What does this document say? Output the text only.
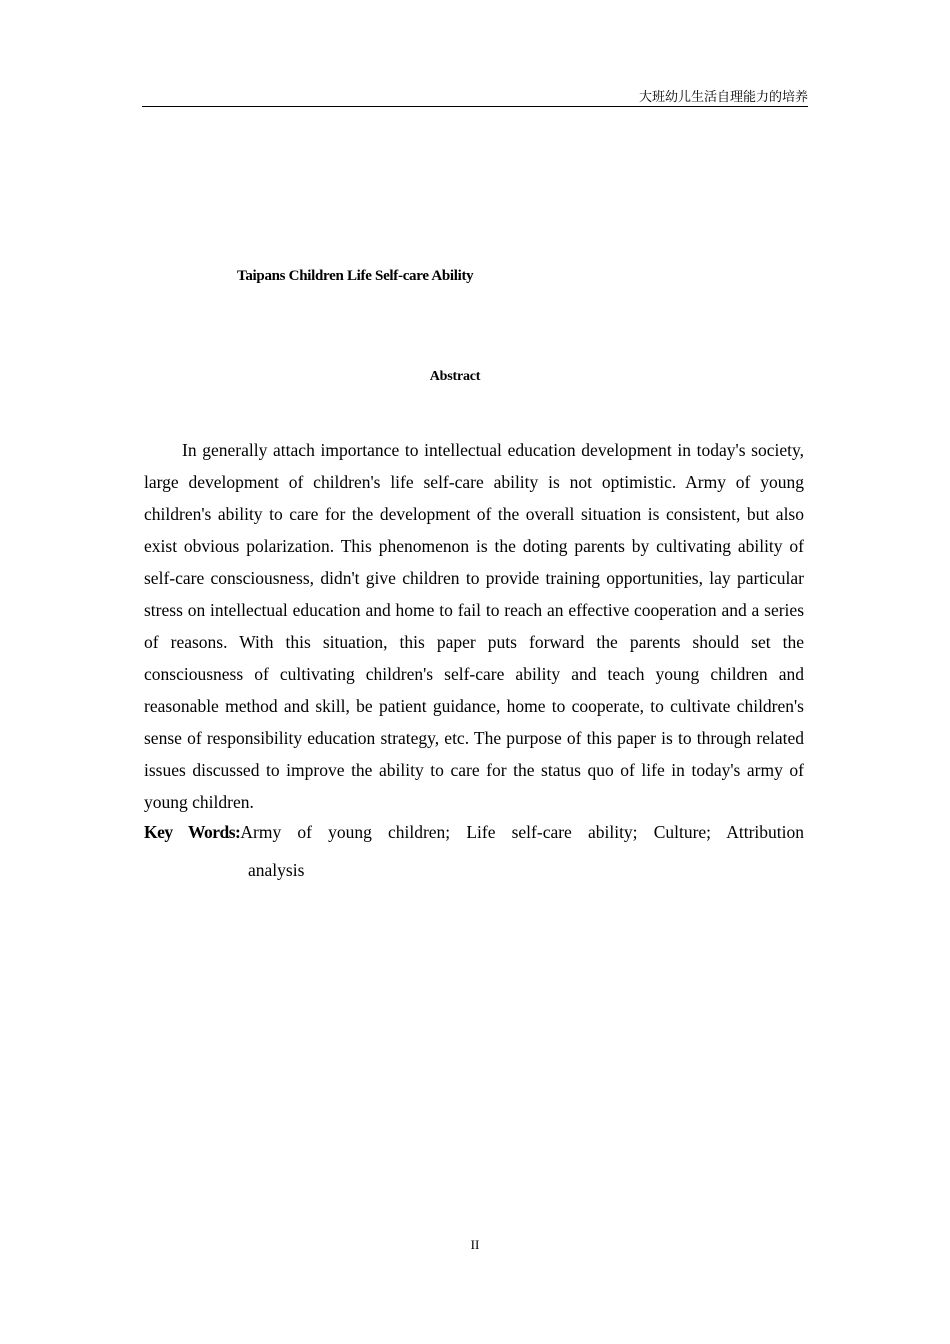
大班幼儿生活自理能力的培养
Taipans Children Life Self-care Ability
Abstract

In generally attach importance to intellectual education development in today's society, large development of children's life self-care ability is not optimistic. Army of young children's ability to care for the development of the overall situation is consistent, but also exist obvious polarization. This phenomenon is the doting parents by cultivating ability of self-care consciousness, didn't give children to provide training opportunities, lay particular stress on intellectual education and home to fail to reach an effective cooperation and a series of reasons. With this situation, this paper puts forward the parents should set the consciousness of cultivating children's self-care ability and teach young children and reasonable method and skill, be patient guidance, home to cooperate, to cultivate children's sense of responsibility education strategy, etc. The purpose of this paper is to through related issues discussed to improve the ability to care for the status quo of life in today's army of young children.

Key Words:Army of young children; Life self-care ability; Culture; Attribution
analysis
II
